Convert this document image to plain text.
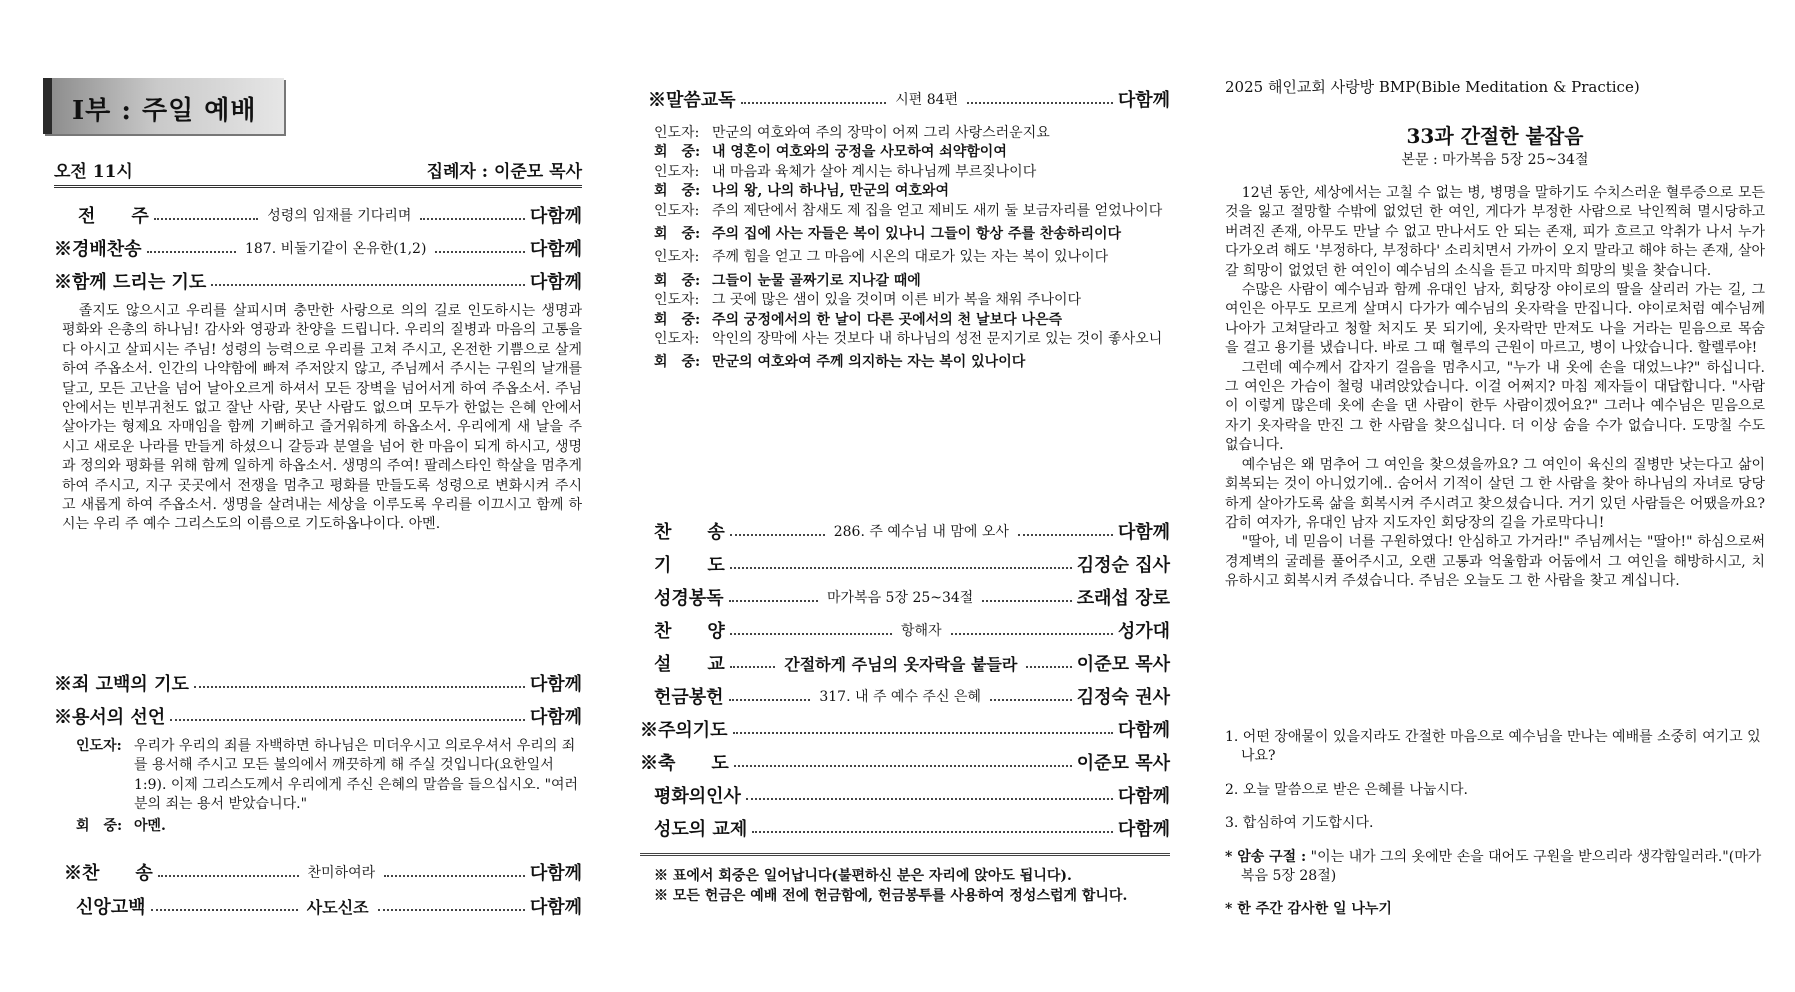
I부 : 주일 예배
오전 11시	집례자 : 이준모 목사
전　　주	성령의 임재를 기다리며	다함께
※경배찬송	187. 비둘기같이 온유한(1,2)	다함께
※함께 드리는 기도	다함께

졸지도 않으시고 우리를 살피시며 충만한 사랑으로 의의 길로 인도하시는 생명과 평화와 은총의 하나님! 감사와 영광과 찬양을 드립니다. 우리의 질병과 마음의 고통을 다 아시고 살피시는 주님! 성령의 능력으로 우리를 고쳐 주시고, 온전한 기쁨으로 살게 하여 주옵소서. 인간의 나약함에 빠져 주저앉지 않고, 주님께서 주시는 구원의 날개를 달고, 모든 고난을 넘어 날아오르게 하셔서 모든 장벽을 넘어서게 하여 주옵소서. 주님 안에서는 빈부귀천도 없고 잘난 사람, 못난 사람도 없으며 모두가 한없는 은혜 안에서 살아가는 형제요 자매임을 함께 기뻐하고 즐거워하게 하옵소서. 우리에게 새 날을 주시고 새로운 나라를 만들게 하셨으니 갈등과 분열을 넘어 한 마음이 되게 하시고, 생명과 정의와 평화를 위해 함께 일하게 하옵소서. 생명의 주여! 팔레스타인 학살을 멈추게 하여 주시고, 지구 곳곳에서 전쟁을 멈추고 평화를 만들도록 성령으로 변화시켜 주시고 새롭게 하여 주옵소서. 생명을 살려내는 세상을 이루도록 우리를 이끄시고 함께 하시는 우리 주 예수 그리스도의 이름으로 기도하옵나이다. 아멘.

※죄 고백의 기도	다함께
※용서의 선언	다함께
인도자: 우리가 우리의 죄를 자백하면 하나님은 미더우시고 의로우셔서 우리의 죄를 용서해 주시고 모든 불의에서 깨끗하게 해 주실 것입니다(요한일서 1:9). 이제 그리스도께서 우리에게 주신 은혜의 말씀을 들으십시오. "여러분의 죄는 용서 받았습니다."
회　중: 아멘.
※찬　　송	찬미하여라	다함께
신앙고백	사도신조	다함께
※말씀교독	시편 84편	다함께
인도자: 만군의 여호와여 주의 장막이 어찌 그리 사랑스러운지요
회　중: 내 영혼이 여호와의 궁정을 사모하여 쇠약함이여
인도자: 내 마음과 육체가 살아 계시는 하나님께 부르짖나이다
회　중: 나의 왕, 나의 하나님, 만군의 여호와여
인도자: 주의 제단에서 참새도 제 집을 얻고 제비도 새끼 둘 보금자리를 얻었나이다
회　중: 주의 집에 사는 자들은 복이 있나니 그들이 항상 주를 찬송하리이다
인도자: 주께 힘을 얻고 그 마음에 시온의 대로가 있는 자는 복이 있나이다
회　중: 그들이 눈물 골짜기로 지나갈 때에
인도자: 그 곳에 많은 샘이 있을 것이며 이른 비가 복을 채워 주나이다
회　중: 주의 궁정에서의 한 날이 다른 곳에서의 천 날보다 나은즉
인도자: 악인의 장막에 사는 것보다 내 하나님의 성전 문지기로 있는 것이 좋사오니
회　중: 만군의 여호와여 주께 의지하는 자는 복이 있나이다
찬　　송	286. 주 예수님 내 맘에 오사	다함께
기　　도	김정순 집사
성경봉독	마가복음 5장 25~34절	조래섭 장로
찬　　양	항해자	성가대
설　　교	간절하게 주님의 옷자락을 붙들라	이준모 목사
헌금봉헌	317. 내 주 예수 주신 은혜	김정숙 권사
※주의기도	다함께
※축　　도	이준모 목사
평화의인사	다함께
성도의 교제	다함께
※ 표에서 회중은 일어납니다(불편하신 분은 자리에 앉아도 됩니다).
※ 모든 헌금은 예배 전에 헌금함에, 헌금봉투를 사용하여 정성스럽게 합니다.
2025 해인교회 사랑방 BMP(Bible Meditation & Practice)
33과 간절한 붙잡음
본문 : 마가복음 5장 25~34절

12년 동안, 세상에서는 고칠 수 없는 병, 병명을 말하기도 수치스러운 혈루증으로 모든 것을 잃고 절망할 수밖에 없었던 한 여인, 게다가 부정한 사람으로 낙인찍혀 멸시당하고 버려진 존재, 아무도 만날 수 없고 만나서도 안 되는 존재, 피가 흐르고 악취가 나서 누가 다가오려 해도 '부정하다, 부정하다' 소리치면서 가까이 오지 말라고 해야 하는 존재, 살아갈 희망이 없었던 한 여인이 예수님의 소식을 듣고 마지막 희망의 빛을 찾습니다.

수많은 사람이 예수님과 함께 유대인 남자, 회당장 야이로의 딸을 살리러 가는 길, 그 여인은 아무도 모르게 살며시 다가가 예수님의 옷자락을 만집니다. 야이로처럼 예수님께 나아가 고쳐달라고 청할 처지도 못 되기에, 옷자락만 만져도 나을 거라는 믿음으로 목숨을 걸고 용기를 냈습니다. 바로 그 때 혈루의 근원이 마르고, 병이 나았습니다. 할렐루야!

그런데 예수께서 갑자기 걸음을 멈추시고, "누가 내 옷에 손을 대었느냐?" 하십니다. 그 여인은 가슴이 철렁 내려앉았습니다. 이걸 어쩌지? 마침 제자들이 대답합니다. "사람이 이렇게 많은데 옷에 손을 댄 사람이 한두 사람이겠어요?" 그러나 예수님은 믿음으로 자기 옷자락을 만진 그 한 사람을 찾으십니다. 더 이상 숨을 수가 없습니다. 도망칠 수도 없습니다.

예수님은 왜 멈추어 그 여인을 찾으셨을까요? 그 여인이 육신의 질병만 낫는다고 삶이 회복되는 것이 아니었기에.. 숨어서 기적이 살던 그 한 사람을 찾아 하나님의 자녀로 당당하게 살아가도록 삶을 회복시켜 주시려고 찾으셨습니다. 거기 있던 사람들은 어땠을까요? 감히 여자가, 유대인 남자 지도자인 회당장의 길을 가로막다니!

"딸아, 네 믿음이 너를 구원하였다! 안심하고 가거라!" 주님께서는 "딸아!" 하심으로써 경계벽의 굴레를 풀어주시고, 오랜 고통과 억울함과 어둠에서 그 여인을 해방하시고, 치유하시고 회복시켜 주셨습니다. 주님은 오늘도 그 한 사람을 찾고 계십니다.

1. 어떤 장애물이 있을지라도 간절한 마음으로 예수님을 만나는 예배를 소중히 여기고 있나요?
2. 오늘 말씀으로 받은 은혜를 나눕시다.
3. 합심하여 기도합시다.
* 암송 구절 : "이는 내가 그의 옷에만 손을 대어도 구원을 받으리라 생각함일러라."(마가복음 5장 28절)
* 한 주간 감사한 일 나누기
